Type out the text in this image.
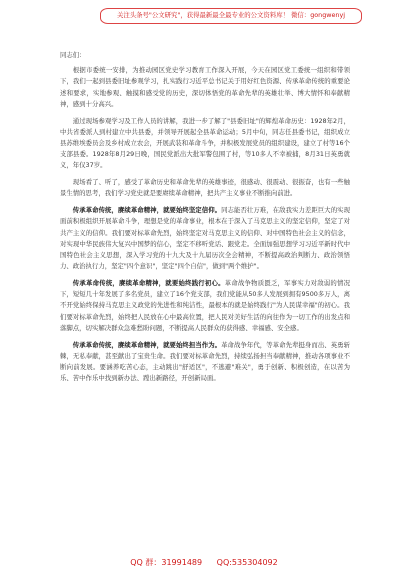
关注头条号"公文研究"，获得最新最全最专业的公文资料库！ 微信：gongwenyj

同志们：

根据市委统一安排，为推动园区党史学习教育工作深入开展，今天在园区党工委统一组织和带领下，我们一起到县委旧址参观学习，扎实践行习近平总书记关于用好红色资源、传承革命传统的重要论述和要求，实地参观、触摸和感受党的历史，深切体悟党的革命先辈的英雄壮举、博大情怀和奉献精神，感到十分高兴。

通过现场参观学习及工作人员的讲解，我进一步了解了"县委旧址"的辉煌革命历史：1928年2月，中共省委派人到村建立中共县委，并领导开展起全县革命运动；5月中旬，同志任县委书记，组织成立县苏维埃委员会及乡村成立农会，开展武装和革命斗争，并积极发展党员的组织建设，建立了村等16个支部县委。1928年8月29日晚，国民党派出大批军警包围了村，等10多人不幸被捕，8月31日英勇就义，年仅37岁。

现场看了、听了，感受了革命历史和革命先辈的英雄事迹，很感动、很震动、很振奋，也有一些触景生情的思考，我们学习党史就是要赓续革命精神，把共产主义事业不断推向前进。

传承革命传统，赓续革命精神，就要始终坚定信仰。同志能否壮万难，在敌我实力差距巨大的实现面前积极组织开展革命斗争，理想是党的革命事业，根本在于深入了马克思主义的坚定信仰，坚定了对共产主义的信仰。我们要对标革命先烈，始终坚定对马克思主义的信仰、对中国特色社会主义的信念，对实现中华民族伟大复兴中国梦的信心，坚定不移听党话、跟党走。全面加强思想学习习近平新时代中国特色社会主义思想，深入学习党的十九大及十九届历次全会精神，不断提高政治判断力、政治领悟力、政治执行力，坚定"四个意识"，坚定"四个自信"，做到"两个维护"。

传承革命传统，赓续革命精神，就要始终践行初心。革命战争物质匮乏，军事实力对敌弱的情况下，短短几十年发展了多名党员，建立了16个党支部，我们党能从50多人发展到拥有9500多万人，离不开党始终保持马克思主义政党的先进性和纯洁性，最根本的就是始终践行"为人民谋幸福"的初心。我们要对标革命先烈，始终把人民放在心中最高位置，把人民对美好生活的向往作为一切工作的出发点和落脚点，切实解决群众急难愁盼问题，不断提高人民群众的获得感、幸福感、安全感。

传承革命传统，赓续革命精神，就要始终担当作为。革命战争年代，等革命先辈挺身而出、英勇斩棘，无私奉献，甚至献出了宝贵生命。我们要对标革命先烈，持续弘扬担当奉献精神，推动各项事业不断向前发展。要涵养吃苦心态，主动跳出"舒适区"，不逃避"难关"，勇于创新、积极创造，在以苦为乐、苦中作乐中找到新办法、蹚出新路径，开创新局面。

QQ 群：31991489 QQ:535304092
